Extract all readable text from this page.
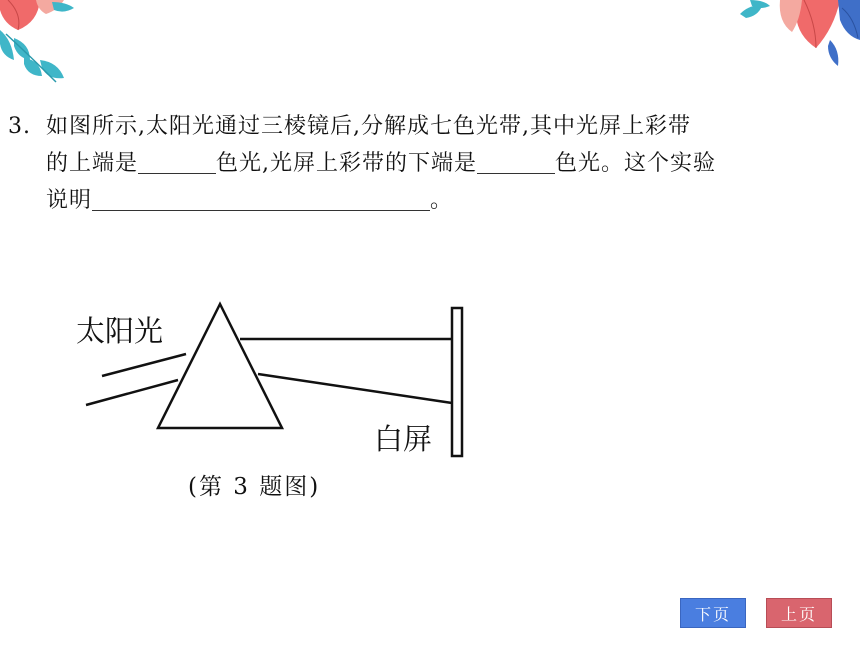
3. 如图所示,太阳光通过三棱镜后,分解成七色光带,其中光屏上彩带
的上端是	色光,光屏上彩带的下端是	色光。这个实验
说明	。
太阳光
白屏
(第 3 题图)
下页	上页
